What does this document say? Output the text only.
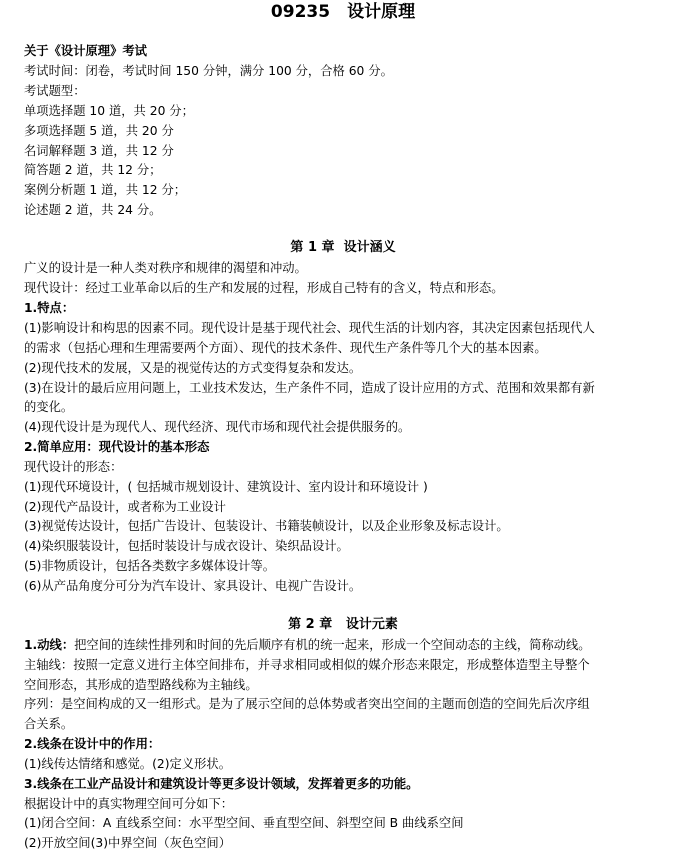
09235　设计原理
关于《设计原理》考试
考试时间：闭卷，考试时间 150 分钟，满分 100 分，合格 60 分。
考试题型：
单项选择题 10 道，共 20 分；
多项选择题 5 道，共 20 分
名词解释题 3 道，共 12 分
简答题 2 道，共 12 分；
案例分析题 1 道，共 12 分；
论述题 2 道，共 24 分。
第 1 章  设计涵义
广义的设计是一种人类对秩序和规律的渴望和冲动。
现代设计：经过工业革命以后的生产和发展的过程，形成自己特有的含义，特点和形态。
1.特点：
(1)影响设计和构思的因素不同。现代设计是基于现代社会、现代生活的计划内容，其决定因素包括现代人
的需求（包括心理和生理需要两个方面）、现代的技术条件、现代生产条件等几个大的基本因素。
(2)现代技术的发展，又是的视觉传达的方式变得复杂和发达。
(3)在设计的最后应用问题上，工业技术发达，生产条件不同，造成了设计应用的方式、范围和效果都有新
的变化。
(4)现代设计是为现代人、现代经济、现代市场和现代社会提供服务的。
2.简单应用：现代设计的基本形态
现代设计的形态：
(1)现代环境设计，( 包括城市规划设计、建筑设计、室内设计和环境设计 )
(2)现代产品设计，或者称为工业设计
(3)视觉传达设计，包括广告设计、包装设计、书籍装帧设计，以及企业形象及标志设计。
(4)染织服装设计，包括时装设计与成衣设计、染织品设计。
(5)非物质设计，包括各类数字多媒体设计等。
(6)从产品角度分可分为汽车设计、家具设计、电视广告设计。
第 2 章   设计元素
1.动线：把空间的连续性排列和时间的先后顺序有机的统一起来，形成一个空间动态的主线，简称动线。
主轴线：按照一定意义进行主体空间排布，并寻求相同或相似的媒介形态来限定，形成整体造型主导整个
空间形态，其形成的造型路线称为主轴线。
序列：是空间构成的又一组形式。是为了展示空间的总体势或者突出空间的主题而创造的空间先后次序组
合关系。
2.线条在设计中的作用：
(1)线传达情绪和感觉。(2)定义形状。
3.线条在工业产品设计和建筑设计等更多设计领域，发挥着更多的功能。
根据设计中的真实物理空间可分如下：
(1)闭合空间：A 直线系空间：水平型空间、垂直型空间、斜型空间 B 曲线系空间
(2)开放空间(3)中界空间（灰色空间）
